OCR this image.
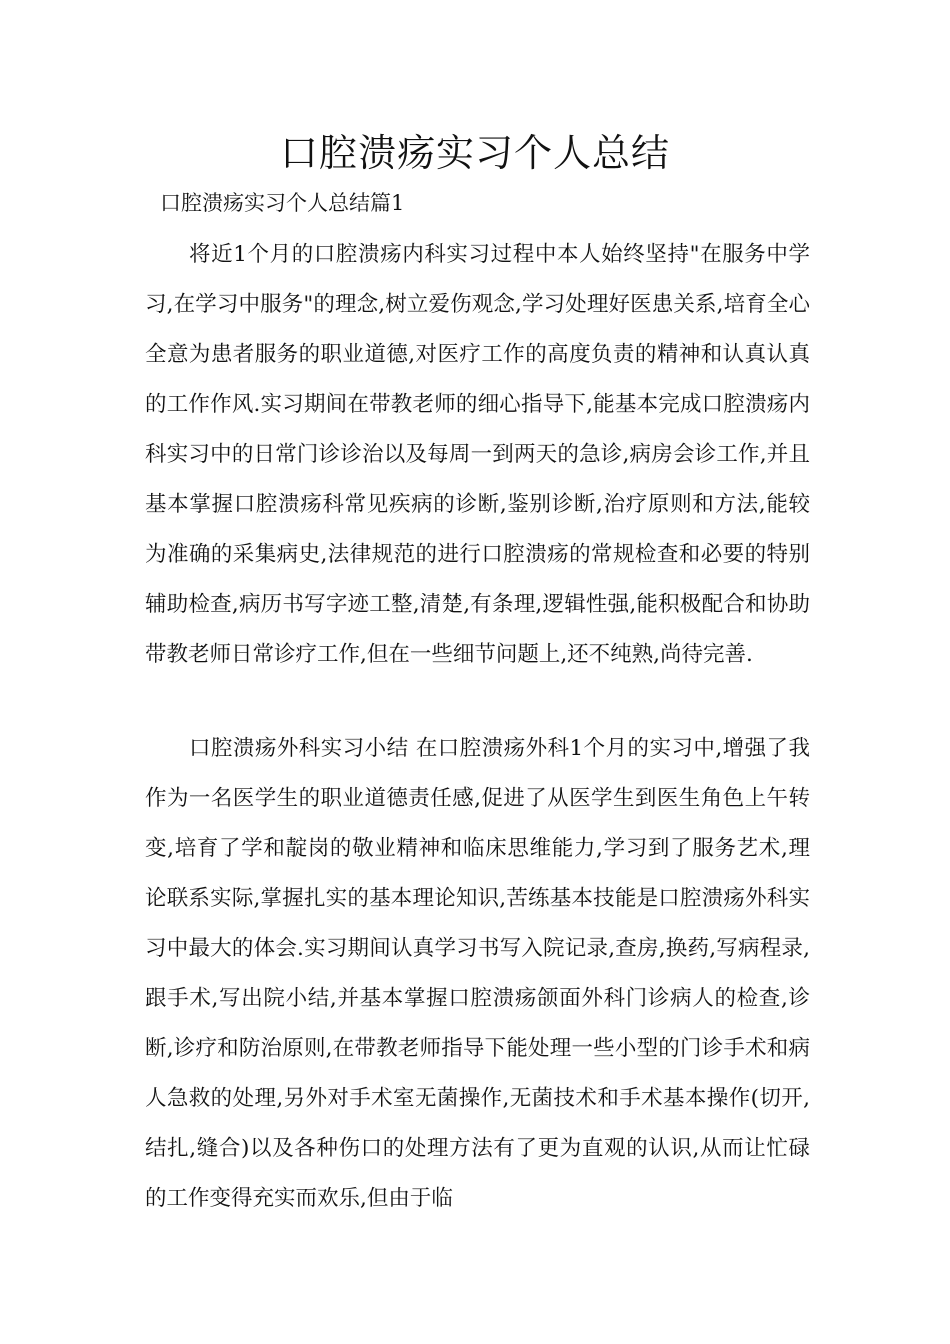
口腔溃疡实习个人总结

口腔溃疡实习个人总结篇1

将近1个月的口腔溃疡内科实习过程中本人始终坚持"在服务中学习,在学习中服务"的理念,树立爱伤观念,学习处理好医患关系,培育全心全意为患者服务的职业道德,对医疗工作的高度负责的精神和认真认真的工作作风.实习期间在带教老师的细心指导下,能基本完成口腔溃疡内科实习中的日常门诊诊治以及每周一到两天的急诊,病房会诊工作,并且基本掌握口腔溃疡科常见疾病的诊断,鉴别诊断,治疗原则和方法,能较为准确的采集病史,法律规范的进行口腔溃疡的常规检查和必要的特别辅助检查,病历书写字迹工整,清楚,有条理,逻辑性强,能积极配合和协助带教老师日常诊疗工作,但在一些细节问题上,还不纯熟,尚待完善.

口腔溃疡外科实习小结 在口腔溃疡外科1个月的实习中,增强了我作为一名医学生的职业道德责任感,促进了从医学生到医生角色上午转变,培育了学和靛岗的敬业精神和临床思维能力,学习到了服务艺术,理论联系实际,掌握扎实的基本理论知识,苦练基本技能是口腔溃疡外科实习中最大的体会.实习期间认真学习书写入院记录,查房,换药,写病程录,跟手术,写出院小结,并基本掌握口腔溃疡颌面外科门诊病人的检查,诊断,诊疗和防治原则,在带教老师指导下能处理一些小型的门诊手术和病人急救的处理,另外对手术室无菌操作,无菌技术和手术基本操作(切开,结扎,缝合)以及各种伤口的处理方法有了更为直观的认识,从而让忙碌的工作变得充实而欢乐,但由于临
